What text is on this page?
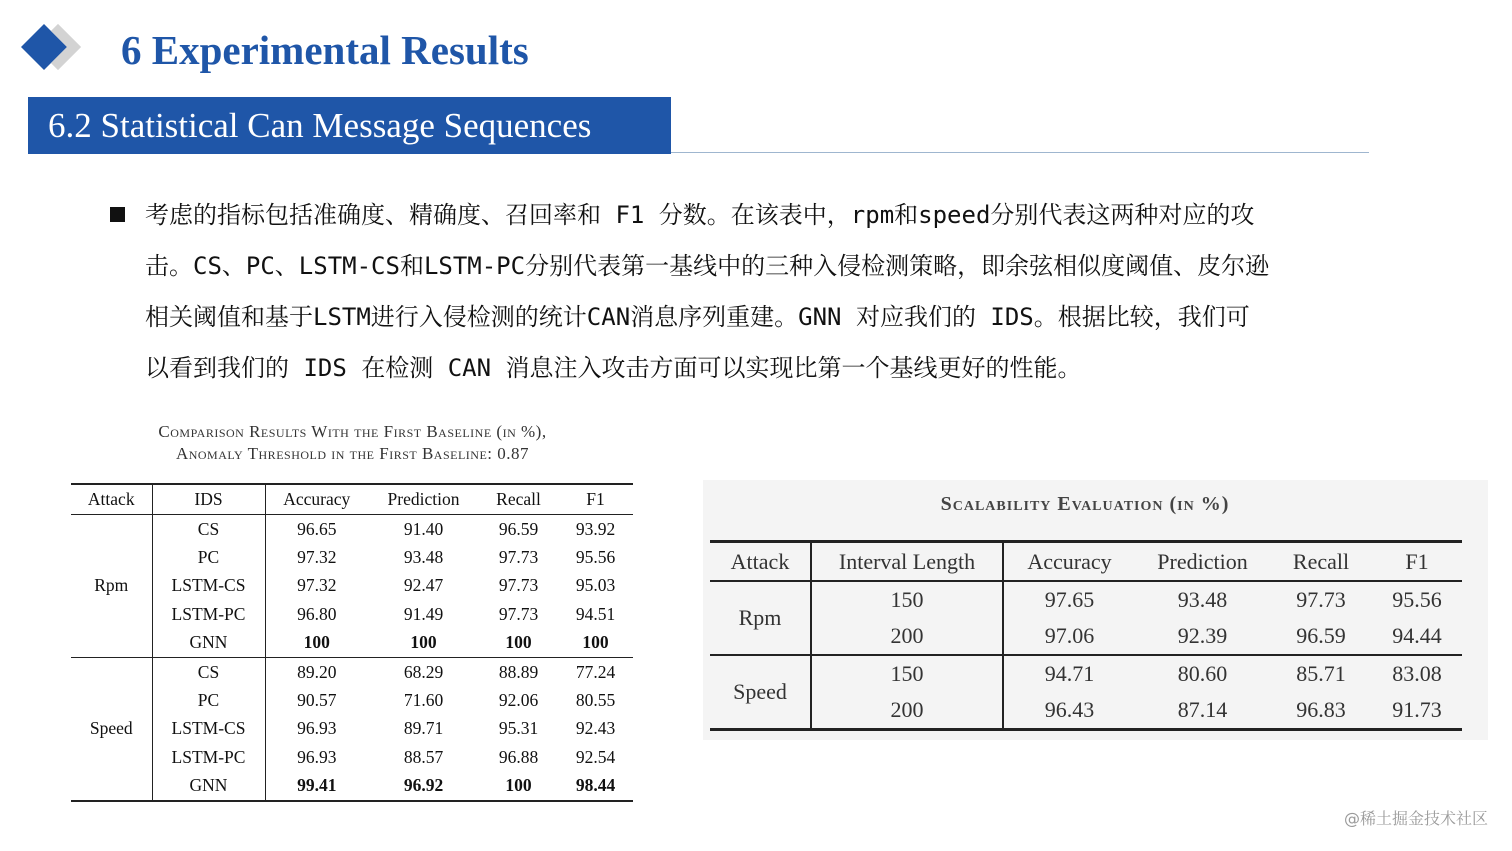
6 Experimental Results
6.2 Statistical Can Message Sequences
考虑的指标包括准确度、精确度、召回率和 F1 分数。在该表中，rpm和speed分别代表这两种对应的攻
击。CS、PC、LSTM-CS和LSTM-PC分别代表第一基线中的三种入侵检测策略，即余弦相似度阈值、皮尔逊
相关阈值和基于LSTM进行入侵检测的统计CAN消息序列重建。GNN 对应我们的 IDS。根据比较，我们可
以看到我们的 IDS 在检测 CAN 消息注入攻击方面可以实现比第一个基线更好的性能。
Comparison Results With the First Baseline (in %),
Anomaly Threshold in the First Baseline: 0.87
Attack	IDS	Accuracy	Prediction	Recall	F1
Rpm	CS	96.65	91.40	96.59	93.92
	PC	97.32	93.48	97.73	95.56
	LSTM-CS	97.32	92.47	97.73	95.03
	LSTM-PC	96.80	91.49	97.73	94.51
	GNN	100	100	100	100
Speed	CS	89.20	68.29	88.89	77.24
	PC	90.57	71.60	92.06	80.55
	LSTM-CS	96.93	89.71	95.31	92.43
	LSTM-PC	96.93	88.57	96.88	92.54
	GNN	99.41	96.92	100	98.44
Scalability Evaluation (in %)
Attack	Interval Length	Accuracy	Prediction	Recall	F1
Rpm	150	97.65	93.48	97.73	95.56
	200	97.06	92.39	96.59	94.44
Speed	150	94.71	80.60	85.71	83.08
	200	96.43	87.14	96.83	91.73
@稀土掘金技术社区
